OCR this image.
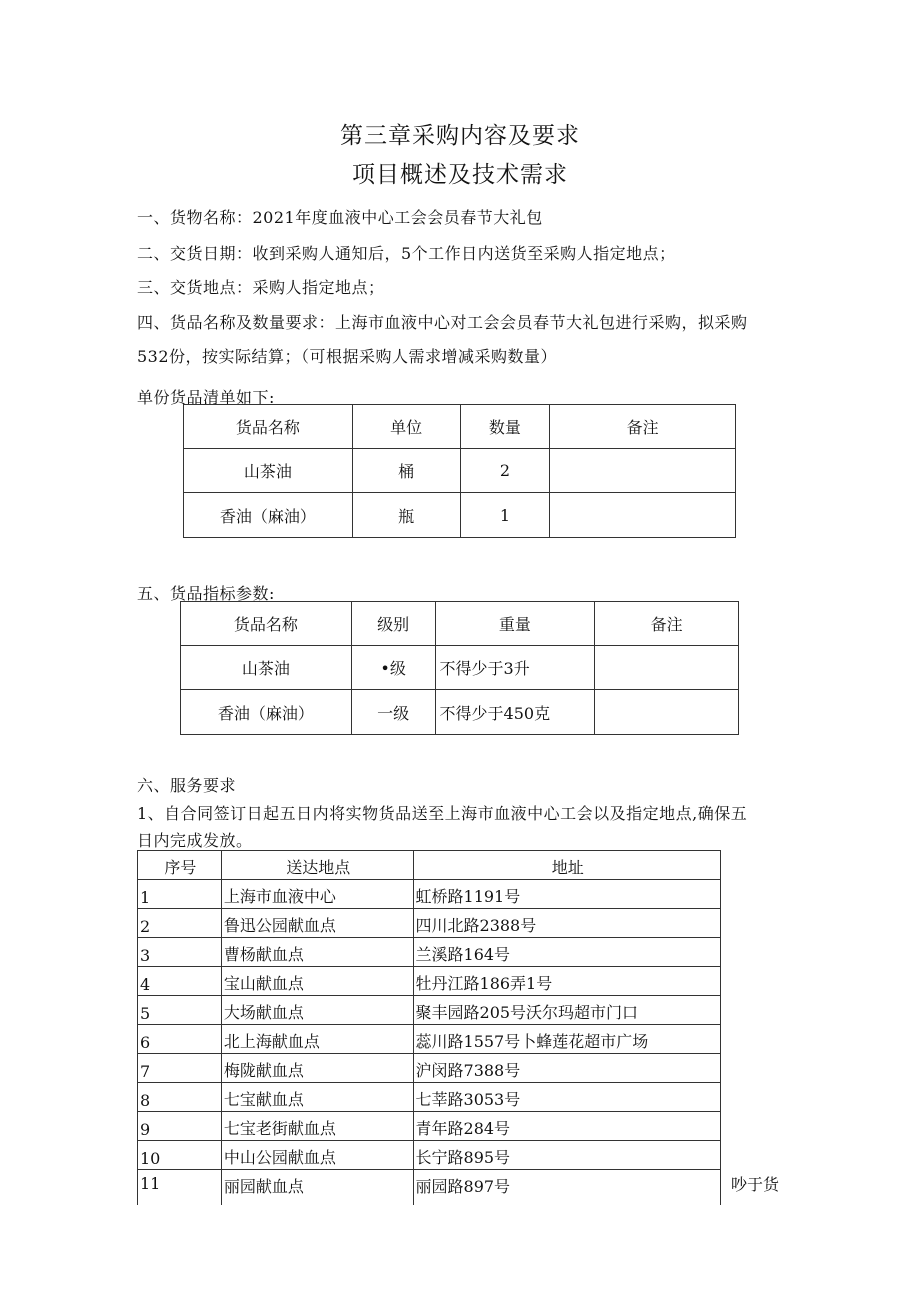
第三章采购内容及要求
项目概述及技术需求
一、货物名称：2021年度血液中心工会会员春节大礼包
二、交货日期：收到采购人通知后，5个工作日内送货至采购人指定地点；
三、交货地点：采购人指定地点；
四、货品名称及数量要求：上海市血液中心对工会会员春节大礼包进行采购，拟采购
532份，按实际结算；（可根据采购人需求增减采购数量）
单份货品清单如下:
货品名称	单位	数量	备注
山茶油	桶	2	
香油（麻油）	瓶	1	
五、货品指标参数:
货品名称	级别	重量	备注
山茶油	•级	不得少于3升	
香油（麻油）	一级	不得少于450克	
六、服务要求
1、自合同签订日起五日内将实物货品送至上海市血液中心工会以及指定地点,确保五
日内完成发放。
序号	送达地点	地址
1	上海市血液中心	虹桥路1191号
2	鲁迅公园献血点	四川北路2388号
3	曹杨献血点	兰溪路164号
4	宝山献血点	牡丹江路186弄1号
5	大场献血点	聚丰园路205号沃尔玛超市门口
6	北上海献血点	蕊川路1557号卜蜂莲花超市广场
7	梅陇献血点	沪闵路7388号
8	七宝献血点	七莘路3053号
9	七宝老街献血点	青年路284号
10	中山公园献血点	长宁路895号
11	丽园献血点	丽园路897号	吵于货
